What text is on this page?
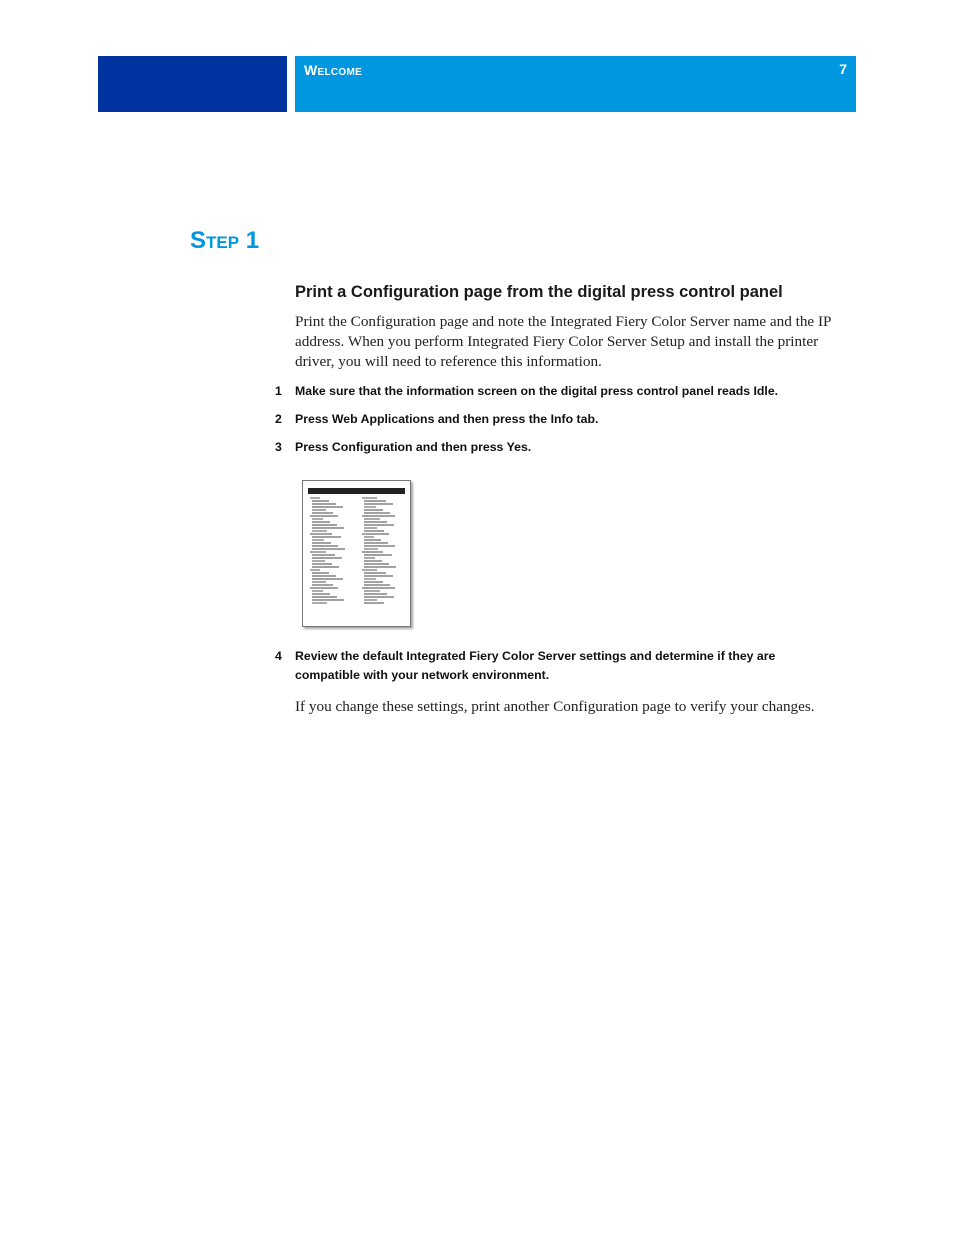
Welcome	7
Step 1
Print a Configuration page from the digital press control panel

Print the Configuration page and note the Integrated Fiery Color Server name and the IP address. When you perform Integrated Fiery Color Server Setup and install the printer driver, you will need to reference this information.

1 Make sure that the information screen on the digital press control panel reads Idle.
2 Press Web Applications and then press the Info tab.
3 Press Configuration and then press Yes.
4 Review the default Integrated Fiery Color Server settings and determine if they are compatible with your network environment.

If you change these settings, print another Configuration page to verify your changes.
